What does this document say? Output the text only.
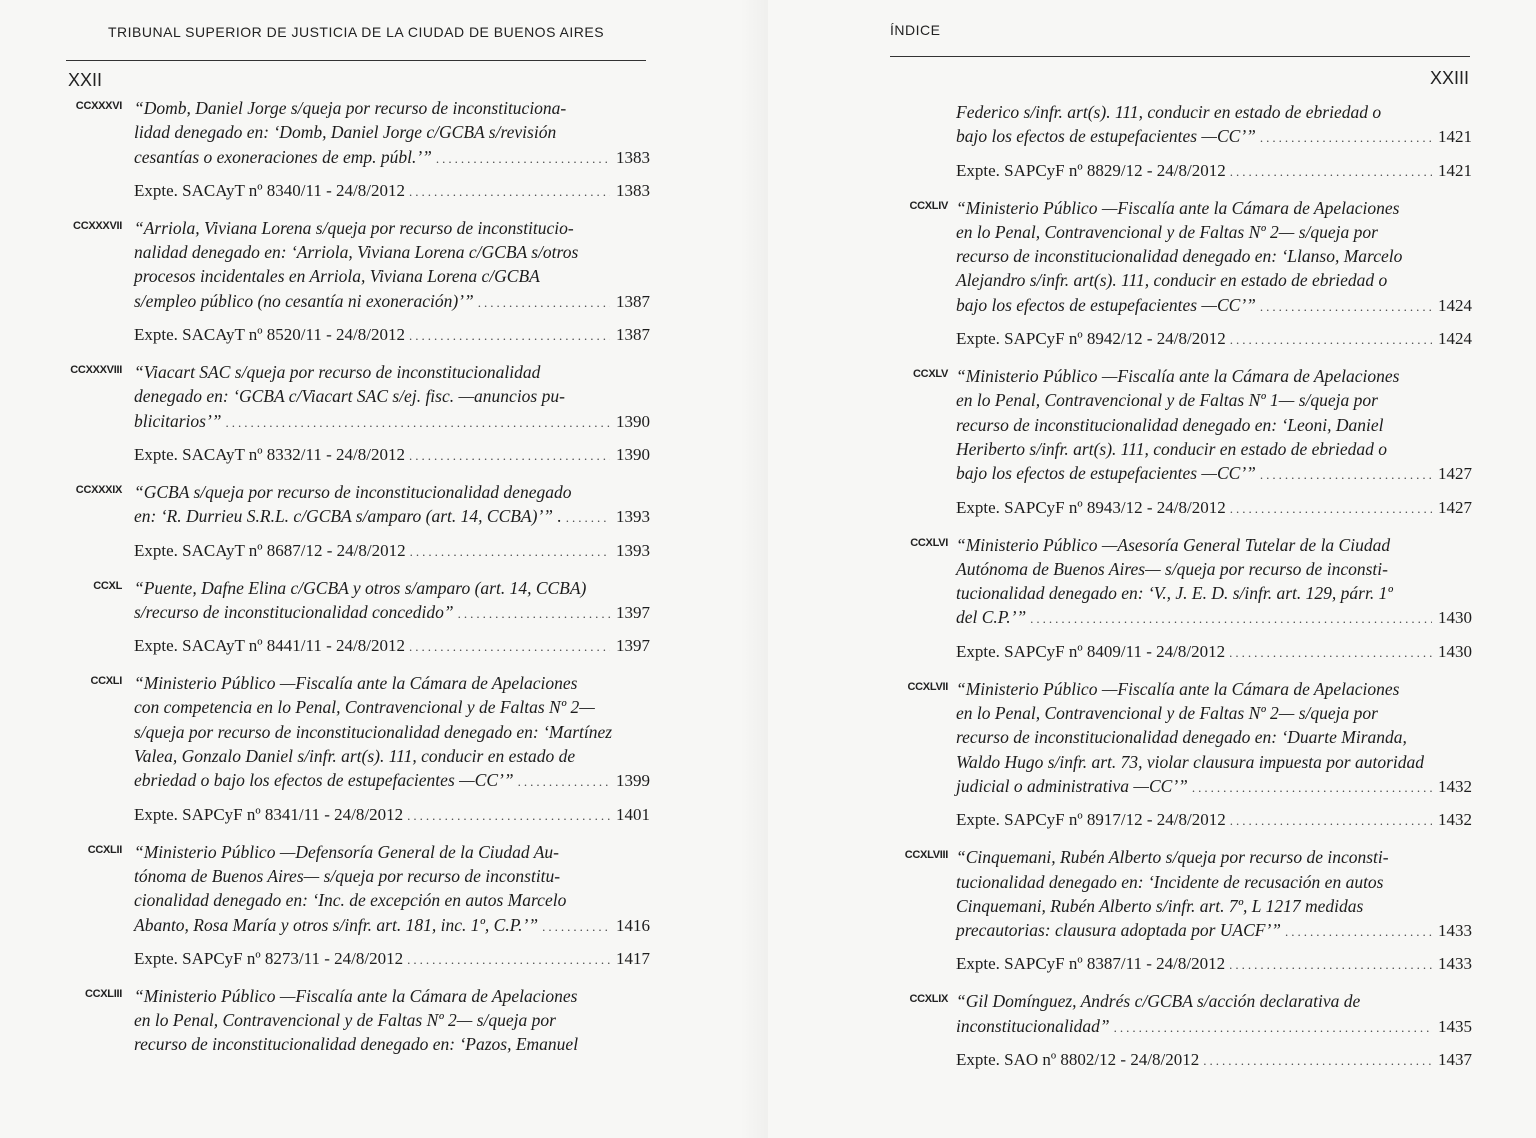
TRIBUNAL SUPERIOR DE JUSTICIA DE LA CIUDAD DE BUENOS AIRES
XXII
CCXXXVI “Domb, Daniel Jorge s/queja por recurso de inconstituciona-
lidad denegado en: ‘Domb, Daniel Jorge c/GCBA s/revisión
cesantías o exoneraciones de emp. públ.’” .....	1383
Expte. SACAyT nº 8340/11 - 24/8/2012 .....	1383
CCXXXVII “Arriola, Viviana Lorena s/queja por recurso de inconstitucio-
nalidad denegado en: ‘Arriola, Viviana Lorena c/GCBA s/otros
procesos incidentales en Arriola, Viviana Lorena c/GCBA
s/empleo público (no cesantía ni exoneración)’” .....	1387
Expte. SACAyT nº 8520/11 - 24/8/2012 .....	1387
CCXXXVIII “Viacart SAC s/queja por recurso de inconstitucionalidad
denegado en: ‘GCBA c/Viacart SAC s/ej. fisc. —anuncios pu-
blicitarios’” .....	1390
Expte. SACAyT nº 8332/11 - 24/8/2012 .....	1390
CCXXXIX “GCBA s/queja por recurso de inconstitucionalidad denegado
en: ‘R. Durrieu S.R.L. c/GCBA s/amparo (art. 14, CCBA)’” . .....	1393
Expte. SACAyT nº 8687/12 - 24/8/2012 .....	1393
CCXL “Puente, Dafne Elina c/GCBA y otros s/amparo (art. 14, CCBA)
s/recurso de inconstitucionalidad concedido” .....	1397
Expte. SACAyT nº 8441/11 - 24/8/2012 .....	1397
CCXLI “Ministerio Público —Fiscalía ante la Cámara de Apelaciones
con competencia en lo Penal, Contravencional y de Faltas Nº 2—
s/queja por recurso de inconstitucionalidad denegado en: ‘Martínez
Valea, Gonzalo Daniel s/infr. art(s). 111, conducir en estado de
ebriedad o bajo los efectos de estupefacientes —CC’” .....	1399
Expte. SAPCyF nº 8341/11 - 24/8/2012 .....	1401
CCXLII “Ministerio Público —Defensoría General de la Ciudad Au-
tónoma de Buenos Aires— s/queja por recurso de inconstitu-
cionalidad denegado en: ‘Inc. de excepción en autos Marcelo
Abanto, Rosa María y otros s/infr. art. 181, inc. 1º, C.P.’” .....	1416
Expte. SAPCyF nº 8273/11 - 24/8/2012 .....	1417
CCXLIII “Ministerio Público —Fiscalía ante la Cámara de Apelaciones
en lo Penal, Contravencional y de Faltas Nº 2— s/queja por
recurso de inconstitucionalidad denegado en: ‘Pazos, Emanuel
ÍNDICE
XXIII
Federico s/infr. art(s). 111, conducir en estado de ebriedad o
bajo los efectos de estupefacientes —CC’” .....	1421
Expte. SAPCyF nº 8829/12 - 24/8/2012 .....	1421
CCXLIV “Ministerio Público —Fiscalía ante la Cámara de Apelaciones
en lo Penal, Contravencional y de Faltas Nº 2— s/queja por
recurso de inconstitucionalidad denegado en: ‘Llanso, Marcelo
Alejandro s/infr. art(s). 111, conducir en estado de ebriedad o
bajo los efectos de estupefacientes —CC’” .....	1424
Expte. SAPCyF nº 8942/12 - 24/8/2012 .....	1424
CCXLV “Ministerio Público —Fiscalía ante la Cámara de Apelaciones
en lo Penal, Contravencional y de Faltas Nº 1— s/queja por
recurso de inconstitucionalidad denegado en: ‘Leoni, Daniel
Heriberto s/infr. art(s). 111, conducir en estado de ebriedad o
bajo los efectos de estupefacientes —CC’” .....	1427
Expte. SAPCyF nº 8943/12 - 24/8/2012 .....	1427
CCXLVI “Ministerio Público —Asesoría General Tutelar de la Ciudad
Autónoma de Buenos Aires— s/queja por recurso de inconsti-
tucionalidad denegado en: ‘V., J. E. D. s/infr. art. 129, párr. 1º
del C.P.’” .....	1430
Expte. SAPCyF nº 8409/11 - 24/8/2012 .....	1430
CCXLVII “Ministerio Público —Fiscalía ante la Cámara de Apelaciones
en lo Penal, Contravencional y de Faltas Nº 2— s/queja por
recurso de inconstitucionalidad denegado en: ‘Duarte Miranda,
Waldo Hugo s/infr. art. 73, violar clausura impuesta por autoridad
judicial o administrativa —CC’” .....	1432
Expte. SAPCyF nº 8917/12 - 24/8/2012 .....	1432
CCXLVIII “Cinquemani, Rubén Alberto s/queja por recurso de inconsti-
tucionalidad denegado en: ‘Incidente de recusación en autos
Cinquemani, Rubén Alberto s/infr. art. 7º, L 1217 medidas
precautorias: clausura adoptada por UACF’” .....	1433
Expte. SAPCyF nº 8387/11 - 24/8/2012 .....	1433
CCXLIX “Gil Domínguez, Andrés c/GCBA s/acción declarativa de
inconstitucionalidad” .....	1435
Expte. SAO nº 8802/12 - 24/8/2012 .....	1437
